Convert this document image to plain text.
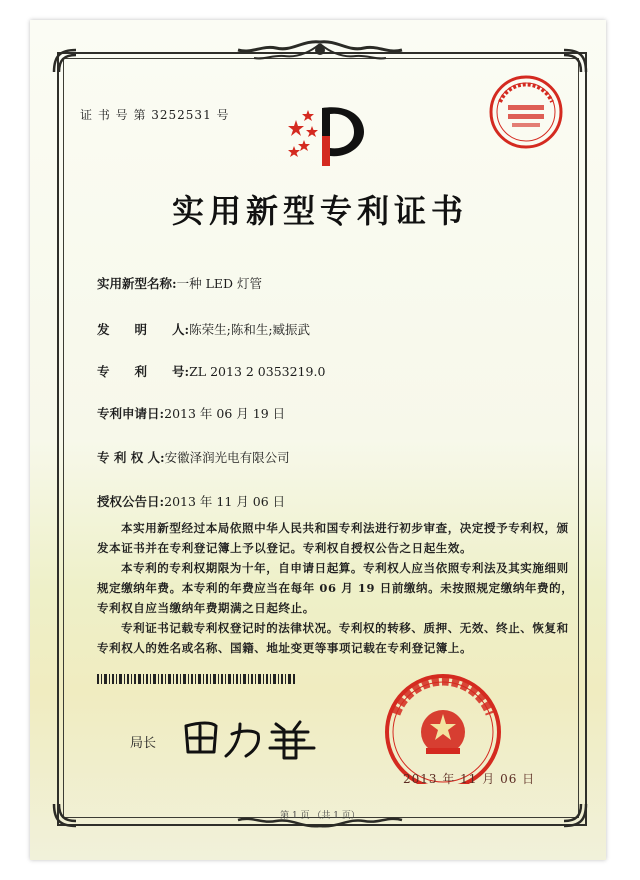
证 书 号 第 3252531 号
实用新型专利证书
实用新型名称:一种 LED 灯管
发　　明　　人:陈荣生;陈和生;臧振武
专　　利　　号:ZL 2013 2 0353219.0
专利申请日:2013 年 06 月 19 日
专 利 权 人:安徽泽润光电有限公司
授权公告日:2013 年 11 月 06 日
本实用新型经过本局依照中华人民共和国专利法进行初步审查，决定授予专利权，颁发本证书并在专利登记簿上予以登记。专利权自授权公告之日起生效。
本专利的专利权期限为十年，自申请日起算。专利权人应当依照专利法及其实施细则规定缴纳年费。本专利的年费应当在每年 06 月 19 日前缴纳。未按照规定缴纳年费的，专利权自应当缴纳年费期满之日起终止。
专利证书记载专利权登记时的法律状况。专利权的转移、质押、无效、终止、恢复和专利权人的姓名或名称、国籍、地址变更等事项记载在专利登记簿上。
局长
2013 年 11 月 06 日
第 1 页 （共 1 页）
